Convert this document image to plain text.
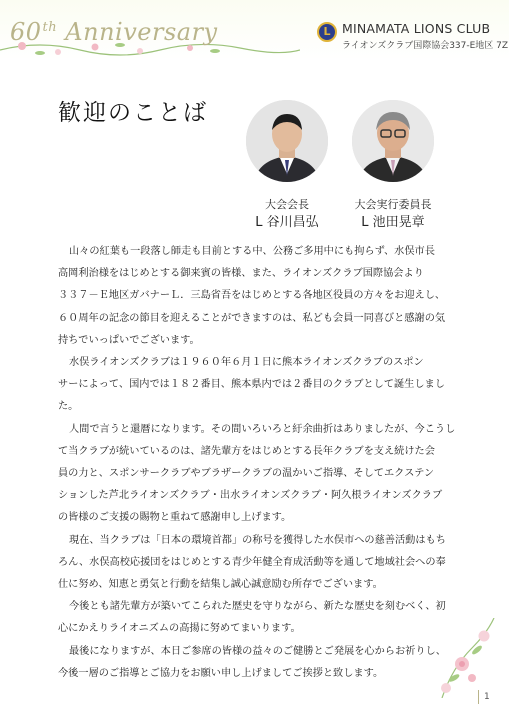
60th Anniversary
L	MINAMATA LIONS CLUB
ライオンズクラブ国際協会337-E地区 7Z
歓迎のことば
大会会長
L 谷川昌弘
大会実行委員長
L 池田晃章

山々の紅葉も一段落し師走も目前とする中、公務ご多用中にも拘らず、水俣市長

高岡利治様をはじめとする御来賓の皆様、また、ライオンズクラブ国際協会より

３３７－Ｅ地区ガバナーＬ．三島省吾をはじめとする各地区役員の方々をお迎えし、

６０周年の記念の節目を迎えることができますのは、私ども会員一同喜びと感謝の気

持ちでいっぱいでございます。

水俣ライオンズクラブは１９６０年６月１日に熊本ライオンズクラブのスポン

サーによって、国内では１８２番目、熊本県内では２番目のクラブとして誕生しまし

た。

人間で言うと還暦になります。その間いろいろと紆余曲折はありましたが、今こうし

て当クラブが続いているのは、諸先輩方をはじめとする長年クラブを支え続けた会

員の力と、スポンサークラブやブラザークラブの温かいご指導、そしてエクステン

ションした芦北ライオンズクラブ・出水ライオンズクラブ・阿久根ライオンズクラブ

の皆様のご支援の賜物と重ねて感謝申し上げます。

現在、当クラブは「日本の環境首都」の称号を獲得した水俣市への慈善活動はもち

ろん、水俣高校応援団をはじめとする青少年健全育成活動等を通して地域社会への奉

仕に努め、知恵と勇気と行動を結集し誠心誠意励む所存でございます。

今後とも諸先輩方が築いてこられた歴史を守りながら、新たな歴史を刻むべく、初

心にかえりライオニズムの高揚に努めてまいります。

最後になりますが、本日ご参席の皆様の益々のご健勝とご発展を心からお祈りし、

今後一層のご指導とご協力をお願い申し上げましてご挨拶と致します。

1
